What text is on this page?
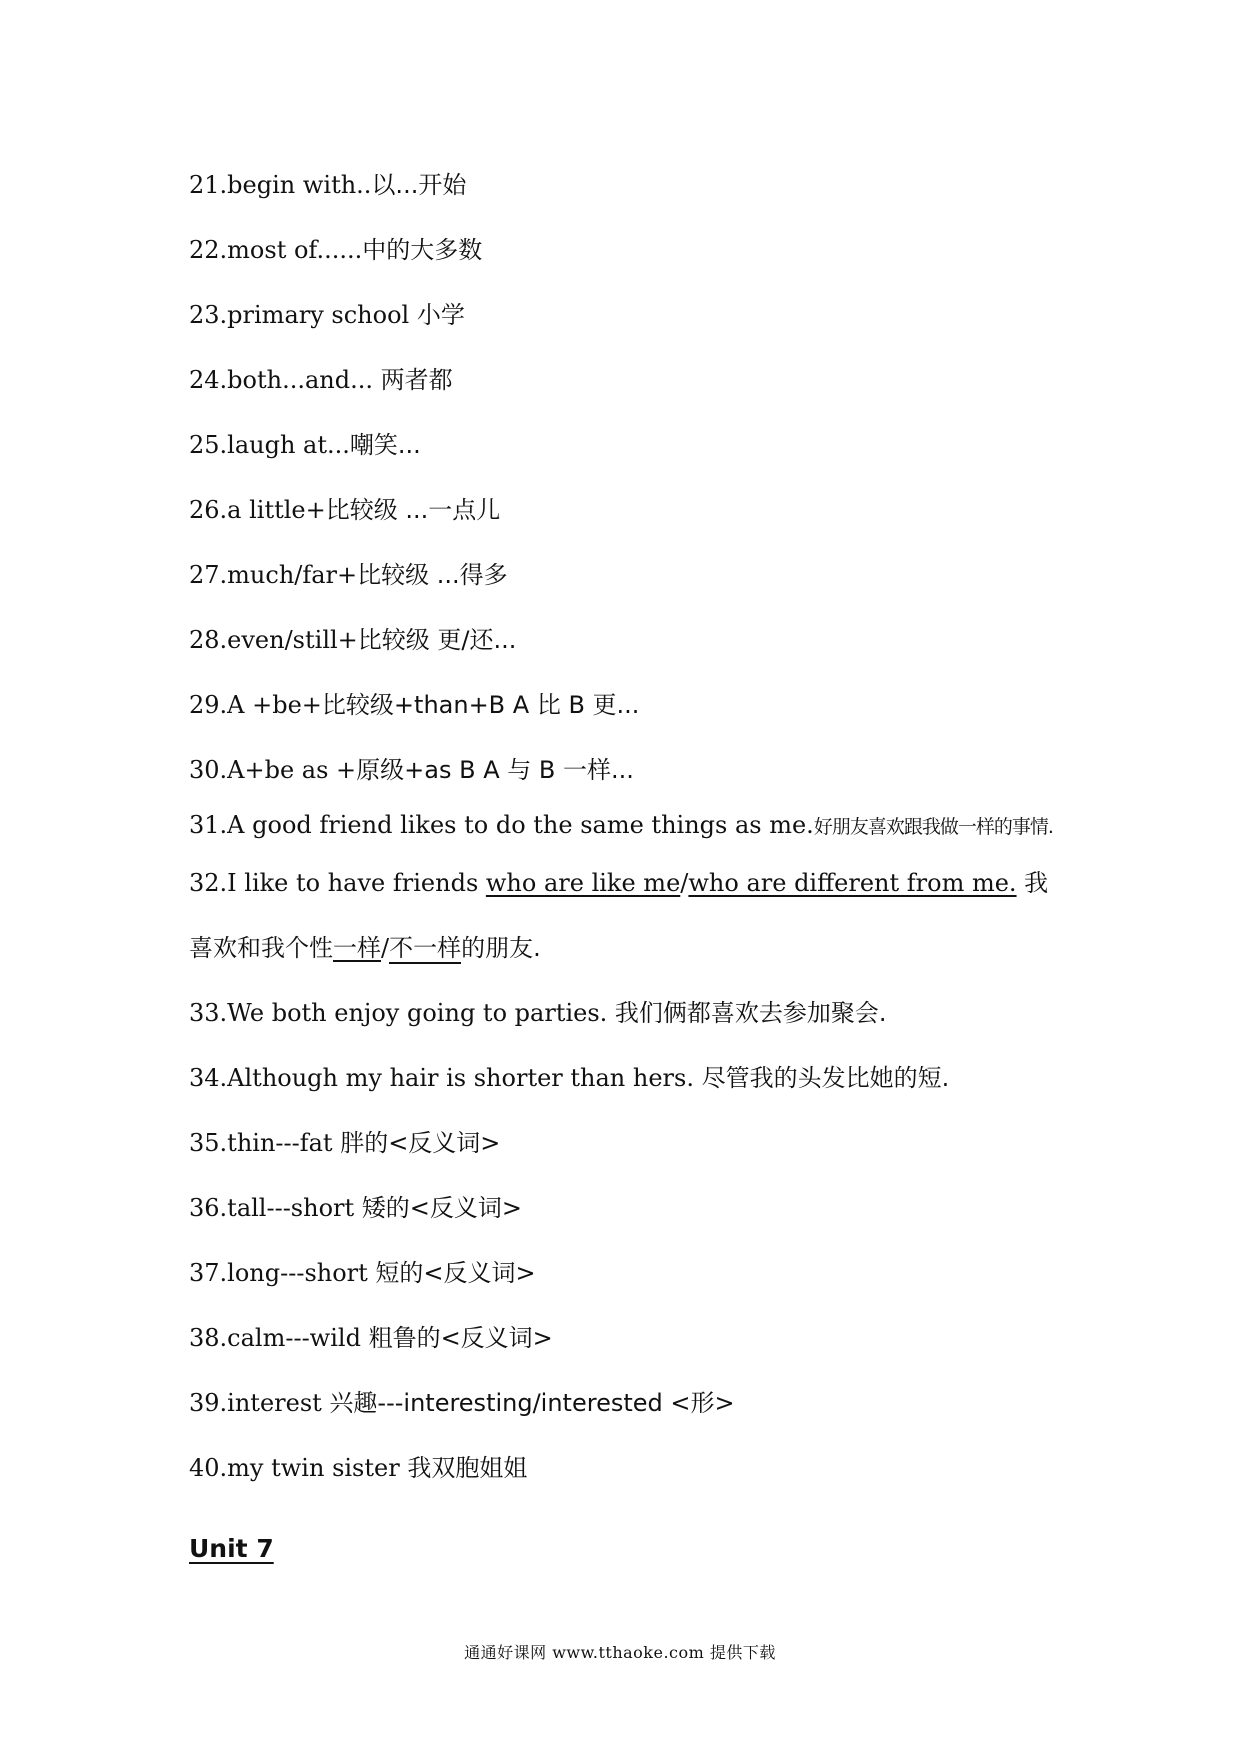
21.begin with..以...开始
22.most of......中的大多数
23.primary school 小学
24.both...and... 两者都
25.laugh at...嘲笑...
26.a little+比较级 ...一点儿
27.much/far+比较级 ...得多
28.even/still+比较级 更/还...
29.A +be+比较级+than+B A 比 B 更...
30.A+be as +原级+as B A 与 B 一样...
31.A good friend likes to do the same things as me.好朋友喜欢跟我做一样的事情.
32.I like to have friends who are like me/who are different from me. 我
喜欢和我个性一样/不一样的朋友.
33.We both enjoy going to parties. 我们俩都喜欢去参加聚会.
34.Although my hair is shorter than hers. 尽管我的头发比她的短.
35.thin---fat 胖的<反义词>
36.tall---short 矮的<反义词>
37.long---short 短的<反义词>
38.calm---wild 粗鲁的<反义词>
39.interest 兴趣---interesting/interested <形>
40.my twin sister 我双胞姐姐
Unit 7
通通好课网 www.tthaoke.com 提供下载
